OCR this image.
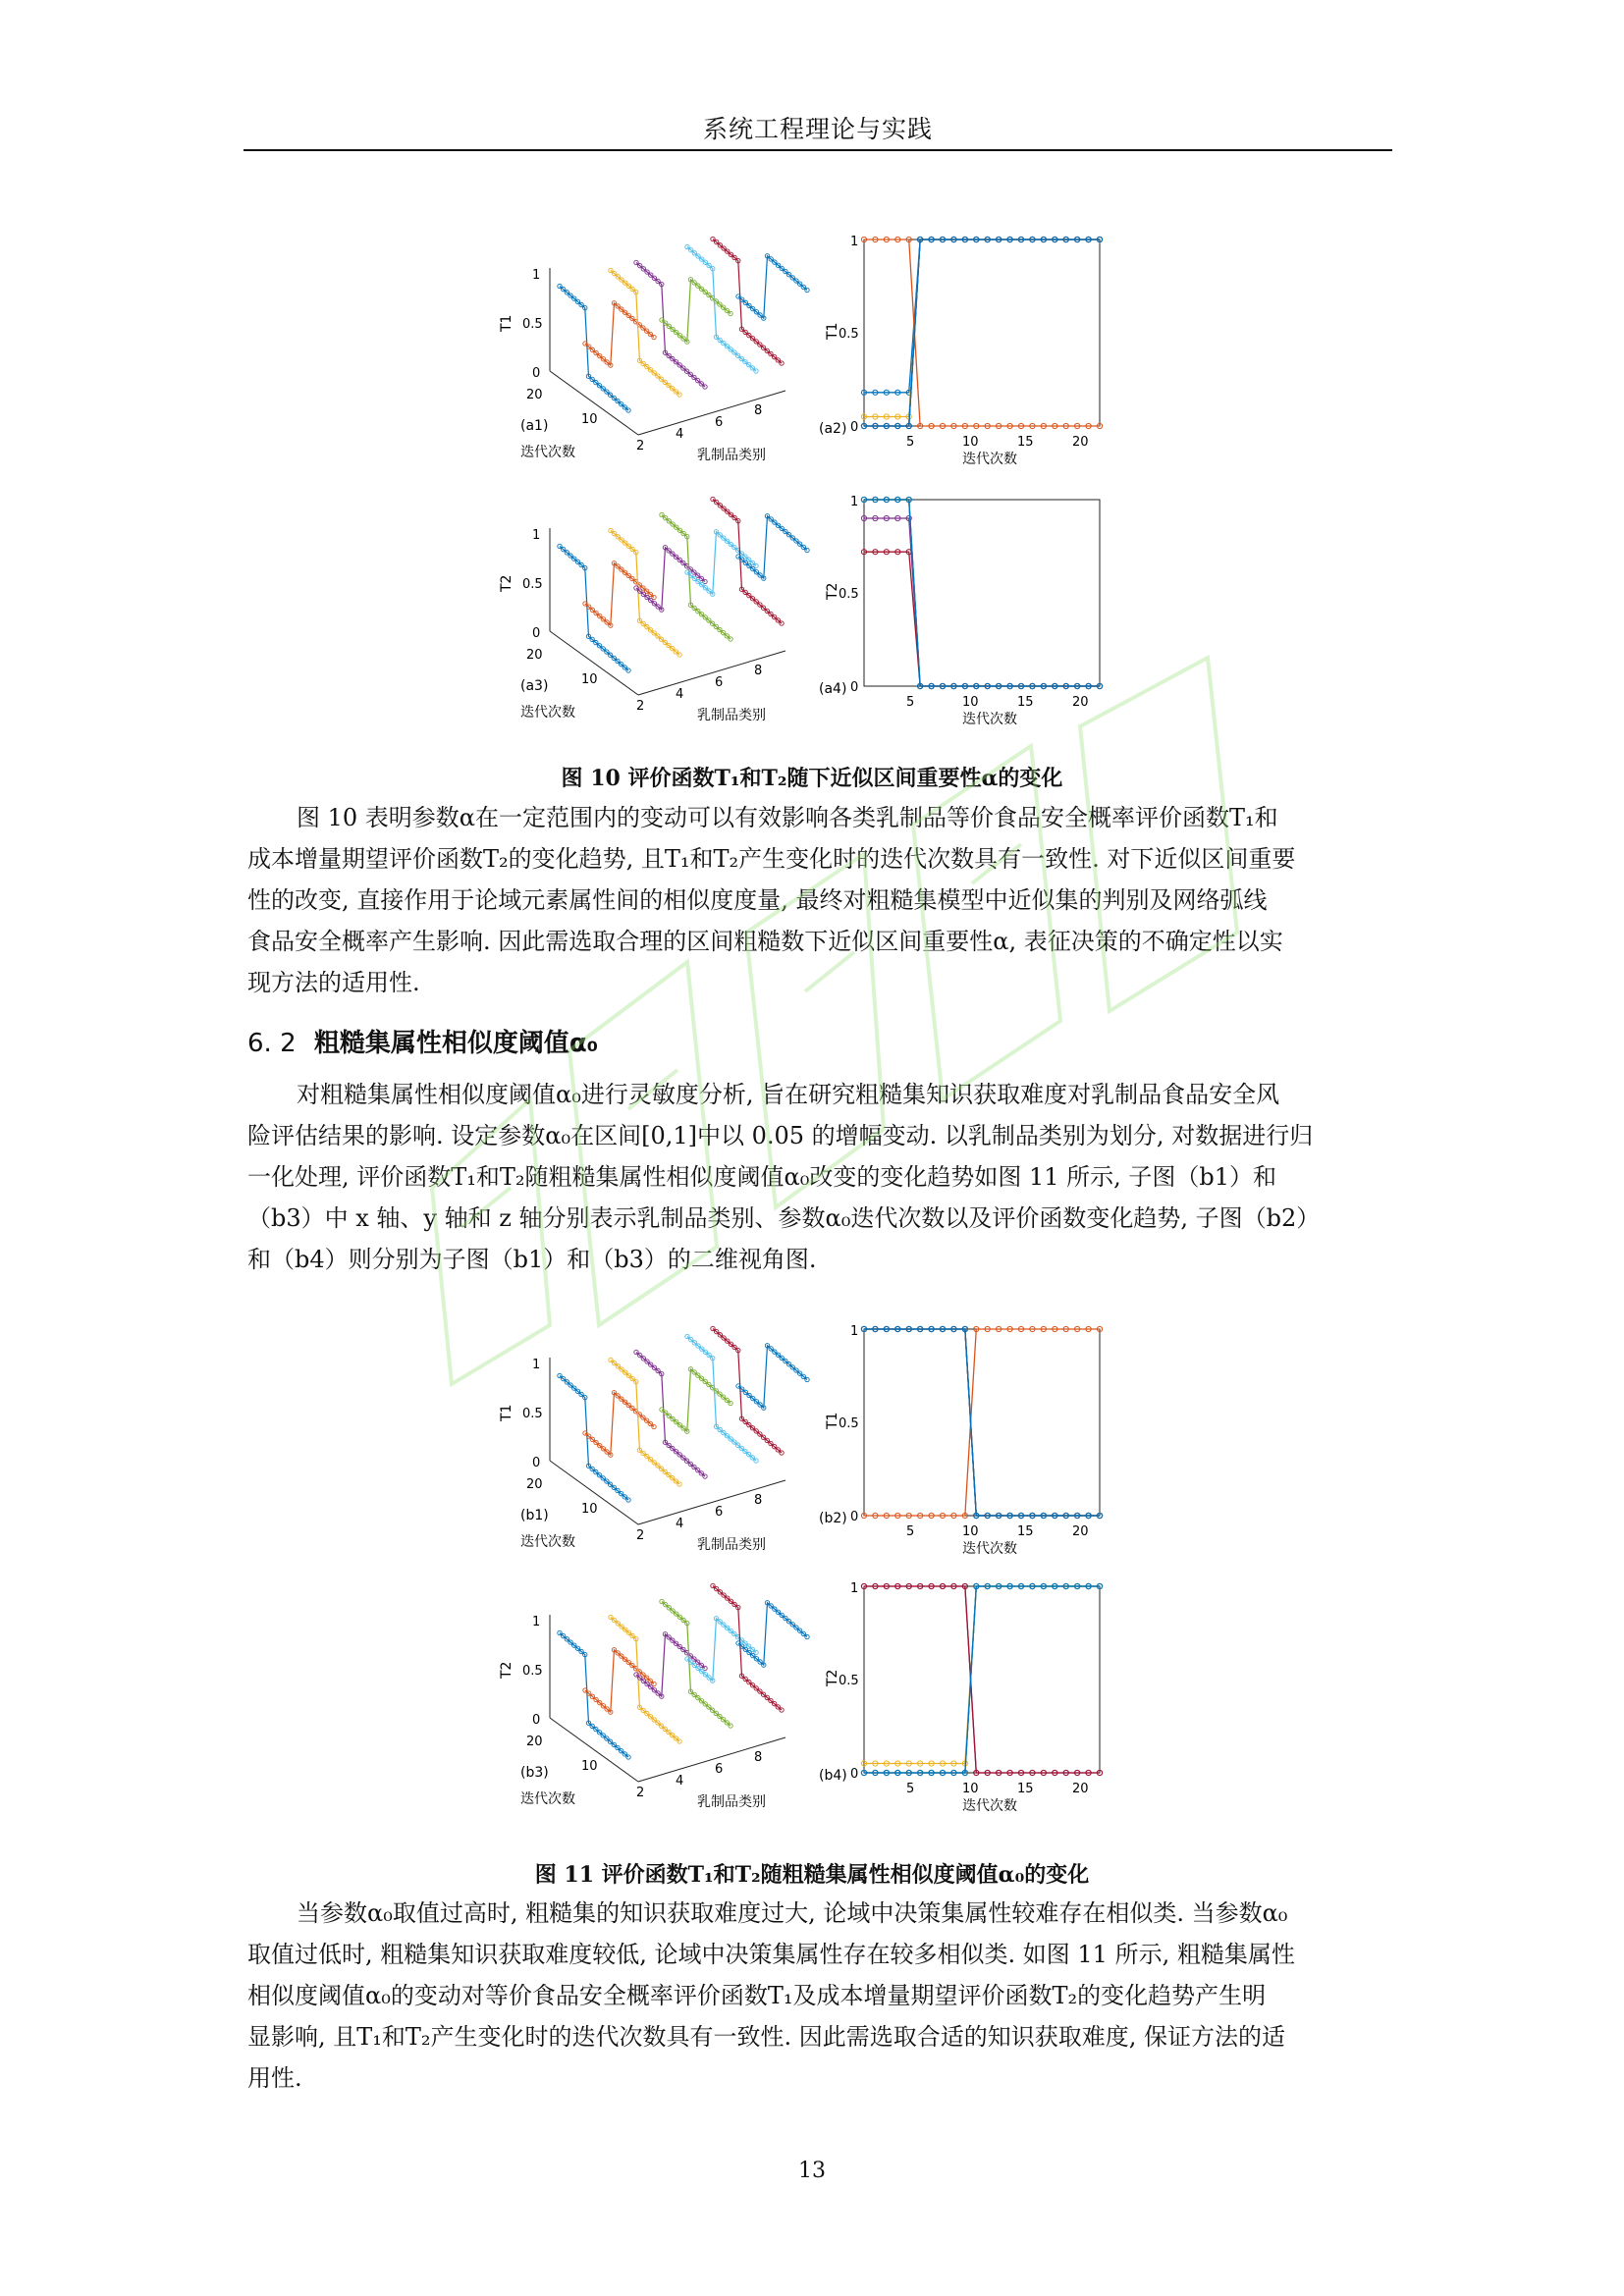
系统工程理论与实践
T1
1
0.5
0
20
10
(a1)
迭代次数	2
4
6
8
乳制品类别
T1
1
0.5
0
(a2)
5	10	15	20
迭代次数
T2
1
0.5
0
20
10
(a3)
迭代次数	2
4
6
8
乳制品类别
T2
1
0.5
0
(a4)
5	10	15	20
迭代次数
图 10 评价函数T₁和T₂随下近似区间重要性α的变化
图 10 表明参数α在一定范围内的变动可以有效影响各类乳制品等价食品安全概率评价函数T₁和
成本增量期望评价函数T₂的变化趋势, 且T₁和T₂产生变化时的迭代次数具有一致性. 对下近似区间重要
性的改变, 直接作用于论域元素属性间的相似度度量, 最终对粗糙集模型中近似集的判别及网络弧线
食品安全概率产生影响. 因此需选取合理的区间粗糙数下近似区间重要性α, 表征决策的不确定性以实
现方法的适用性.
6. 2 粗糙集属性相似度阈值α₀
对粗糙集属性相似度阈值α₀进行灵敏度分析, 旨在研究粗糙集知识获取难度对乳制品食品安全风
险评估结果的影响. 设定参数α₀在区间[0,1]中以 0.05 的增幅变动. 以乳制品类别为划分, 对数据进行归
一化处理, 评价函数T₁和T₂随粗糙集属性相似度阈值α₀改变的变化趋势如图 11 所示, 子图（b1）和
（b3）中 x 轴、y 轴和 z 轴分别表示乳制品类别、参数α₀迭代次数以及评价函数变化趋势, 子图（b2）
和（b4）则分别为子图（b1）和（b3）的二维视角图.
T1
1
0.5
0
20
10
(b1)
迭代次数	2
4
6
8
乳制品类别
T1
1
0.5
0
(b2)
5	10	15	20
迭代次数
T2
1
0.5
0
20
10
(b3)
迭代次数	2
4
6
8
乳制品类别
T2
1
0.5
0
(b4)
5	10	15	20
迭代次数
图 11 评价函数T₁和T₂随粗糙集属性相似度阈值α₀的变化
当参数α₀取值过高时, 粗糙集的知识获取难度过大, 论域中决策集属性较难存在相似类. 当参数α₀
取值过低时, 粗糙集知识获取难度较低, 论域中决策集属性存在较多相似类. 如图 11 所示, 粗糙集属性
相似度阈值α₀的变动对等价食品安全概率评价函数T₁及成本增量期望评价函数T₂的变化趋势产生明
显影响, 且T₁和T₂产生变化时的迭代次数具有一致性. 因此需选取合适的知识获取难度, 保证方法的适
用性.
13
